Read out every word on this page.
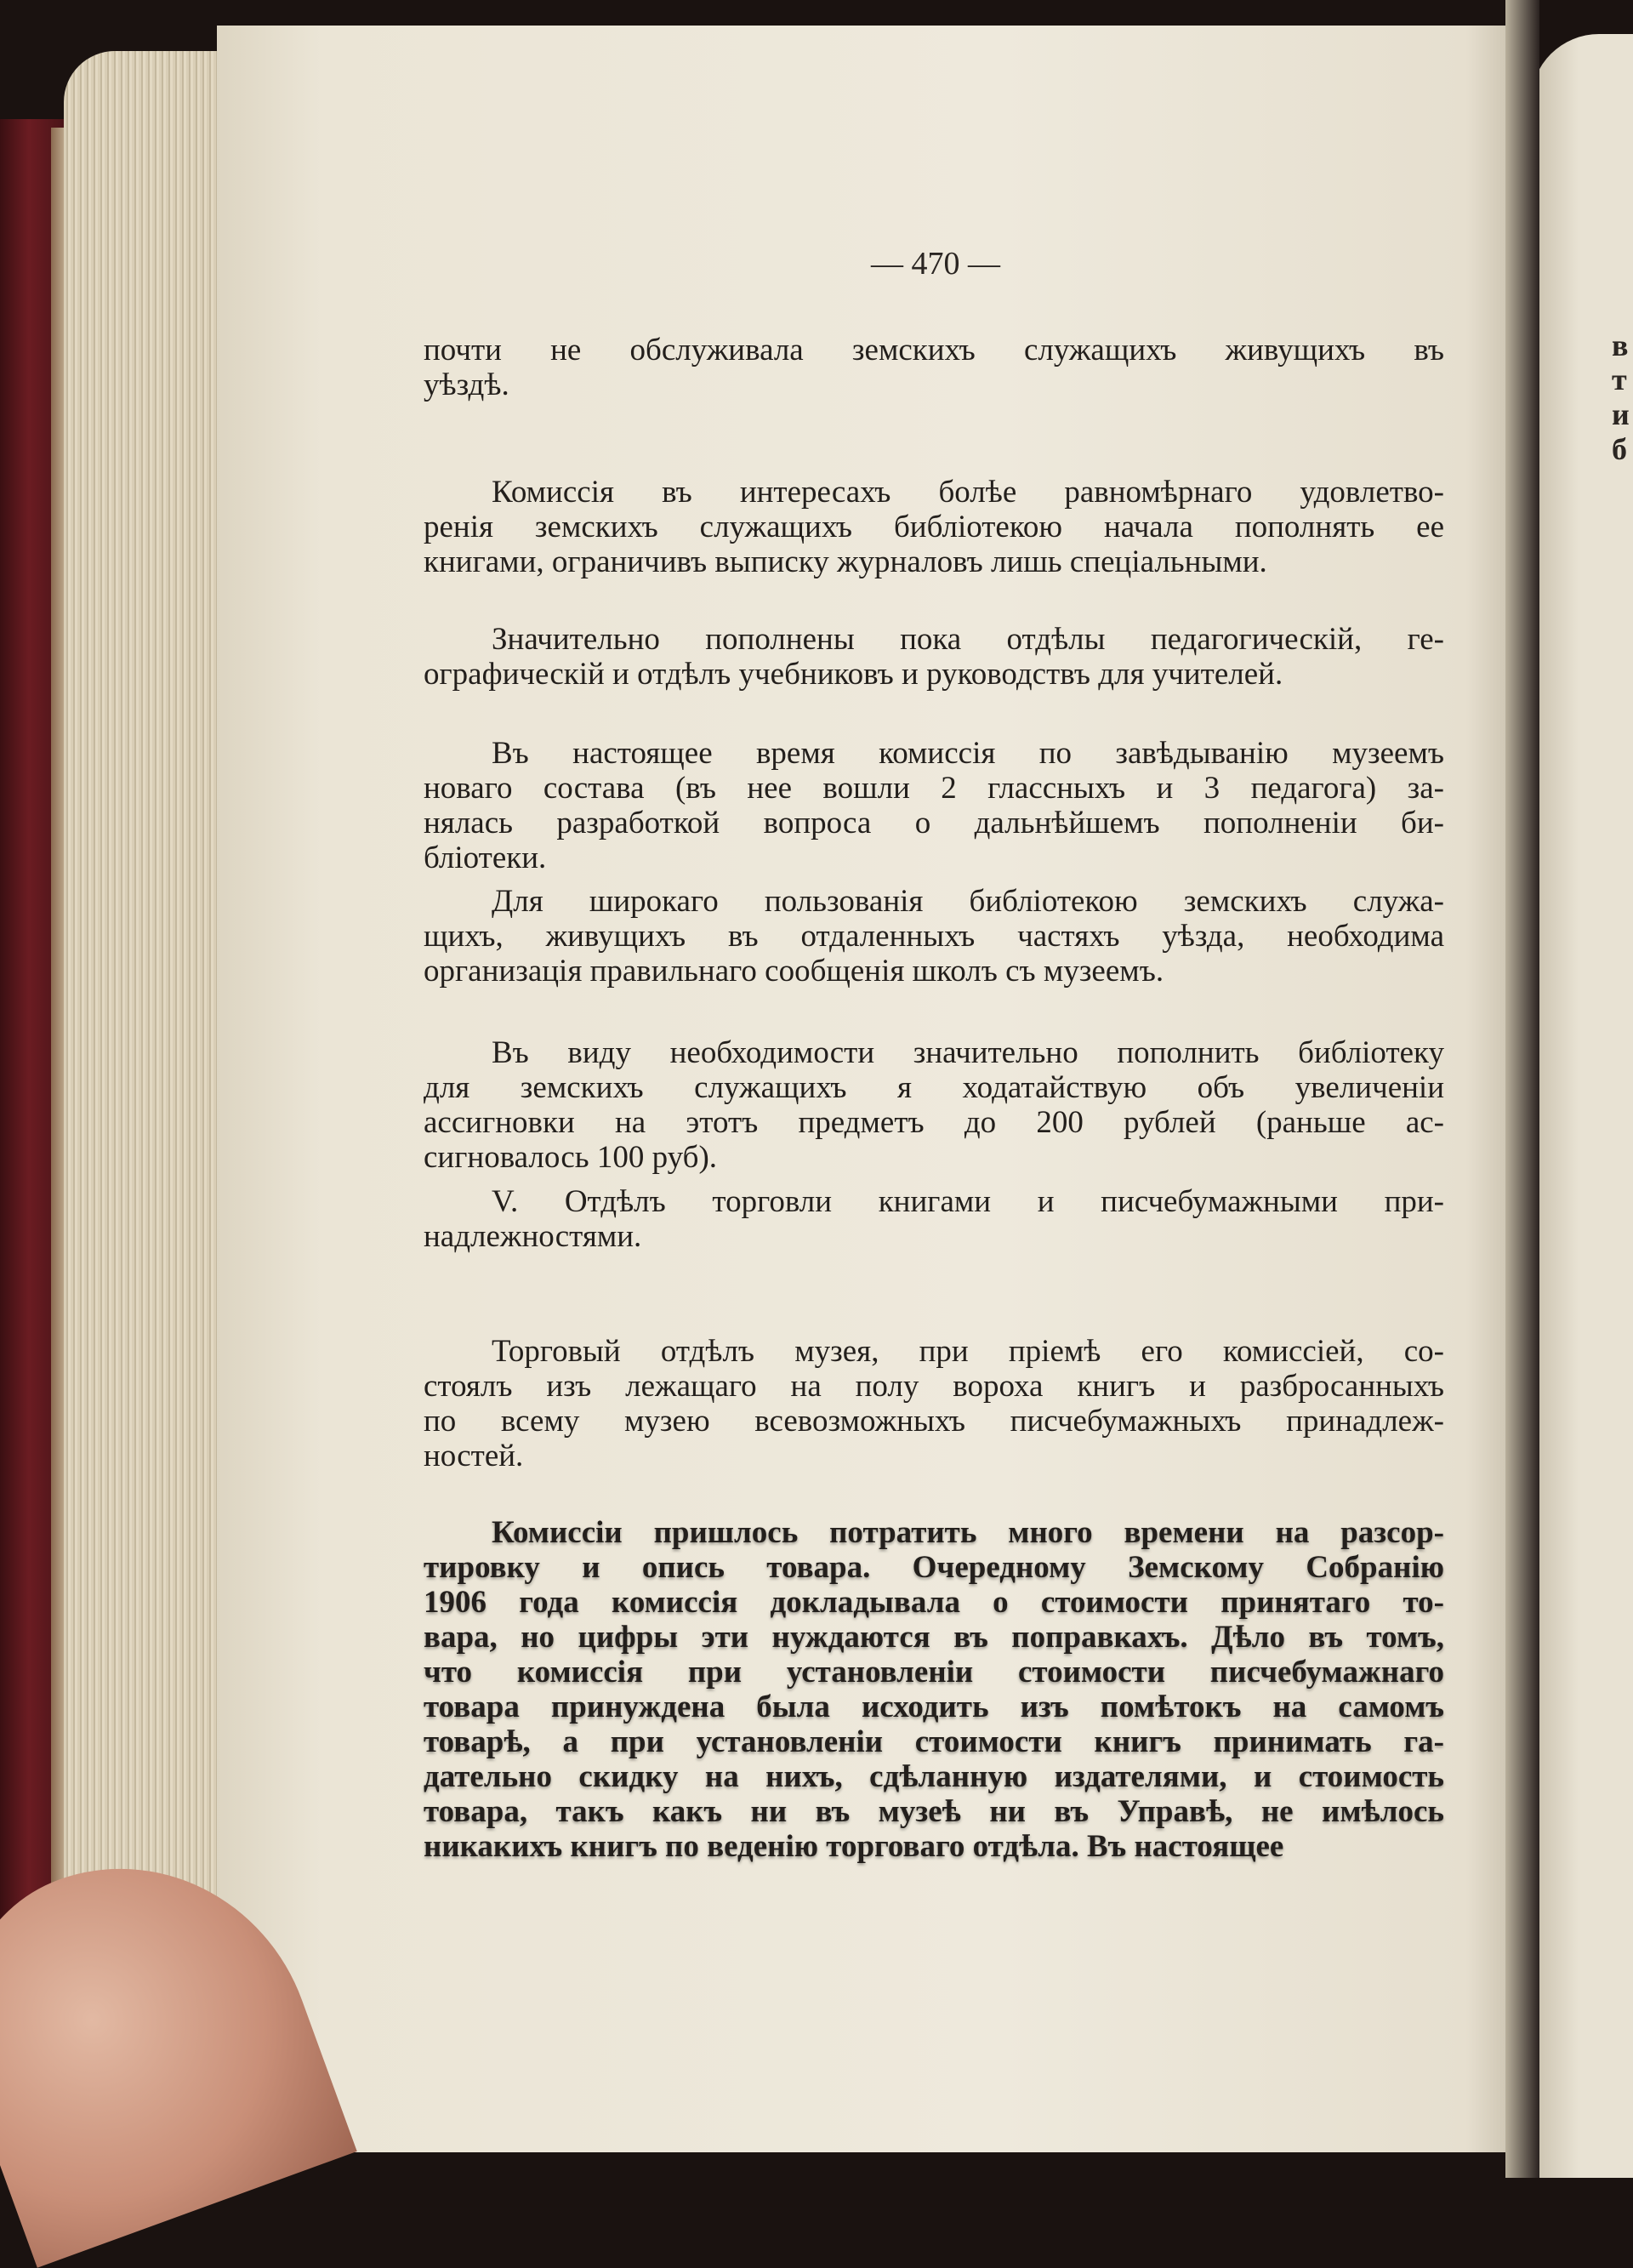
в
т
и
б
— 470 —
почти не обслуживала земскихъ служащихъ живущихъ въ
уѣздѣ.
Комиссія въ интересахъ болѣе равномѣрнаго удовлетво-
ренія земскихъ служащихъ библіотекою начала пополнять ее
книгами, ограничивъ выписку журналовъ лишь спеціальными.
Значительно пополнены пока отдѣлы педагогическій, ге-
ографическій и отдѣлъ учебниковъ и руководствъ для учителей.
Въ настоящее время комиссія по завѣдыванію музеемъ
новаго состава (въ нее вошли 2 глассныхъ и 3 педагога) за-
нялась разработкой вопроса о дальнѣйшемъ пополненіи би-
бліотеки.
Для широкаго пользованія библіотекою земскихъ служа-
щихъ, живущихъ въ отдаленныхъ частяхъ уѣзда, необходима
организація правильнаго сообщенія школъ съ музеемъ.
Въ виду необходимости значительно пополнить библіотеку
для земскихъ служащихъ я ходатайствую объ увеличеніи
ассигновки на этотъ предметъ до 200 рублей (раньше ас-
сигновалось 100 руб).
V. Отдѣлъ торговли книгами и писчебумажными при-
надлежностями.
Торговый отдѣлъ музея, при пріемѣ его комиссіей, со-
стоялъ изъ лежащаго на полу вороха книгъ и разбросанныхъ
по всему музею всевозможныхъ писчебумажныхъ принадлеж-
ностей.
Комиссіи пришлось потратить много времени на разсор-
тировку и опись товара. Очередному Земскому Собранію
1906 года комиссія докладывала о стоимости принятаго то-
вара, но цифры эти нуждаются въ поправкахъ. Дѣло въ томъ,
что комиссія при установленіи стоимости писчебумажнаго
товара принуждена была исходить изъ помѣтокъ на самомъ
товарѣ, а при установленіи стоимости книгъ принимать га-
дательно скидку на нихъ, сдѣланную издателями, и стоимость
товара, такъ какъ ни въ музеѣ ни въ Управѣ, не имѣлось
никакихъ книгъ по веденію торговаго отдѣла. Въ настоящее
